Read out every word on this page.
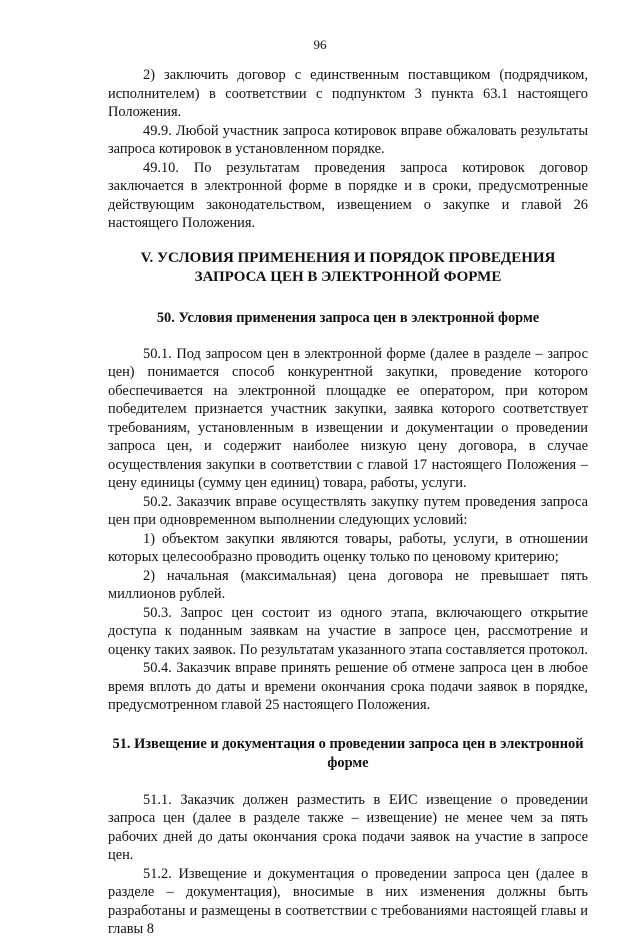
96

2) заключить договор с единственным поставщиком (подрядчиком, исполнителем) в соответствии с подпунктом 3 пункта 63.1 настоящего Положения.

49.9. Любой участник запроса котировок вправе обжаловать результаты запроса котировок в установленном порядке.

49.10. По результатам проведения запроса котировок договор заключается в электронной форме в порядке и в сроки, предусмотренные действующим законодательством, извещением о закупке и главой 26 настоящего Положения.

V. УСЛОВИЯ ПРИМЕНЕНИЯ И ПОРЯДОК ПРОВЕДЕНИЯ ЗАПРОСА ЦЕН В ЭЛЕКТРОННОЙ ФОРМЕ
50. Условия применения запроса цен в электронной форме

50.1. Под запросом цен в электронной форме (далее в разделе – запрос цен) понимается способ конкурентной закупки, проведение которого обеспечивается на электронной площадке ее оператором, при котором победителем признается участник закупки, заявка которого соответствует требованиям, установленным в извещении и документации о проведении запроса цен, и содержит наиболее низкую цену договора, в случае осуществления закупки в соответствии с главой 17 настоящего Положения – цену единицы (сумму цен единиц) товара, работы, услуги.

50.2. Заказчик вправе осуществлять закупку путем проведения запроса цен при одновременном выполнении следующих условий:

1) объектом закупки являются товары, работы, услуги, в отношении которых целесообразно проводить оценку только по ценовому критерию;

2) начальная (максимальная) цена договора не превышает пять миллионов рублей.

50.3. Запрос цен состоит из одного этапа, включающего открытие доступа к поданным заявкам на участие в запросе цен, рассмотрение и оценку таких заявок. По результатам указанного этапа составляется протокол.

50.4. Заказчик вправе принять решение об отмене запроса цен в любое время вплоть до даты и времени окончания срока подачи заявок в порядке, предусмотренном главой 25 настоящего Положения.

51. Извещение и документация о проведении запроса цен в электронной форме

51.1. Заказчик должен разместить в ЕИС извещение о проведении запроса цен (далее в разделе также – извещение) не менее чем за пять рабочих дней до даты окончания срока подачи заявок на участие в запросе цен.

51.2. Извещение и документация о проведении запроса цен (далее в разделе – документация), вносимые в них изменения должны быть разработаны и размещены в соответствии с требованиями настоящей главы и главы 8
